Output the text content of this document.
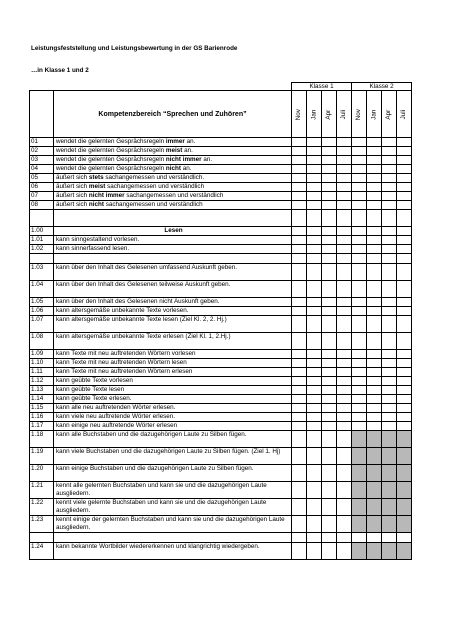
Leistungsfeststellung und Leistungsbewertung in der GS Barienrode
…in Klasse 1 und 2
		Klasse 1				Klasse 2			
	Kompetenzbereich “Sprechen und Zuhören”	Nov	Jan	Apr	Juli	Nov	Jan	Apr	Juli
01	wendet die gelernten Gesprächsregeln immer an.								
02	wendet die gelernten Gesprächsregeln meist an.								
03	wendet die gelernten Gesprächsregeln nicht immer an.								
04	wendet die gelernten Gesprächsregeln nicht an.								
05	äußert sich stets sachangemessen und verständlich.								
06	äußert sich meist sachangemessen und verständlich								
07	äußert sich nicht immer sachangemessen und verständlich								
08	äußert sich nicht sachangemessen und verständlich								

1.00	Lesen								
1.01	kann sinngestaltend vorlesen.								
1.02	kann sinnerfassend lesen.								

1.03	kann über den Inhalt des Gelesenen umfassend Auskunft geben.								
1.04	kann über den Inhalt des Gelesenen teilweise Auskunft geben.								
1.05	kann über den Inhalt des Gelesenen nicht Auskunft geben.								
1.06	kann altersgemäße unbekannte Texte vorlesen.								
1.07	kann altersgemäße unbekannte Texte lesen (Ziel Kl. 2, 2. Hj.)								
1.08	kann altersgemäße unbekannte Texte erlesen (Ziel Kl. 1, 2.Hj.)								
1.09	kann Texte mit neu auftretenden Wörtern vorlesen								
1.10	kann Texte mit neu auftretenden Wörtern lesen								
1.11	kann Texte mit neu auftretenden Wörtern erlesen								
1.12	kann geübte Texte vorlesen								
1.13	kann geübte Texte lesen								
1.14	kann geübte Texte erlesen.								
1.15	kann alle neu auftretenden Wörter erlesen.								
1.16	kann viele neu auftretende Wörter erlesen.								
1.17	kann einige neu auftretende Wörter erlesen								
1.18	kann alle Buchstaben und die dazugehörigen Laute zu Silben fügen.								
1.19	kann viele Buchstaben und die dazugehörigen Laute zu Silben fügen. (Ziel 1. Hj)								
1.20	kann einige Buchstaben und die dazugehörigen Laute zu Silben fügen.								
1.21	kennt alle gelernten Buchstaben und kann sie und die dazugehörigen Laute ausgliedern.								
1.22	kennt viele gelernte Buchstaben und kann sie und die dazugehörigen Laute ausgliedern.								
1.23	kennt einige der gelernten Buchstaben und kann sie und die dazugehörigen Laute ausgliedern.								

1.24	kann bekannte Wortbilder wiedererkennen und klangrichtig wiedergeben.								
